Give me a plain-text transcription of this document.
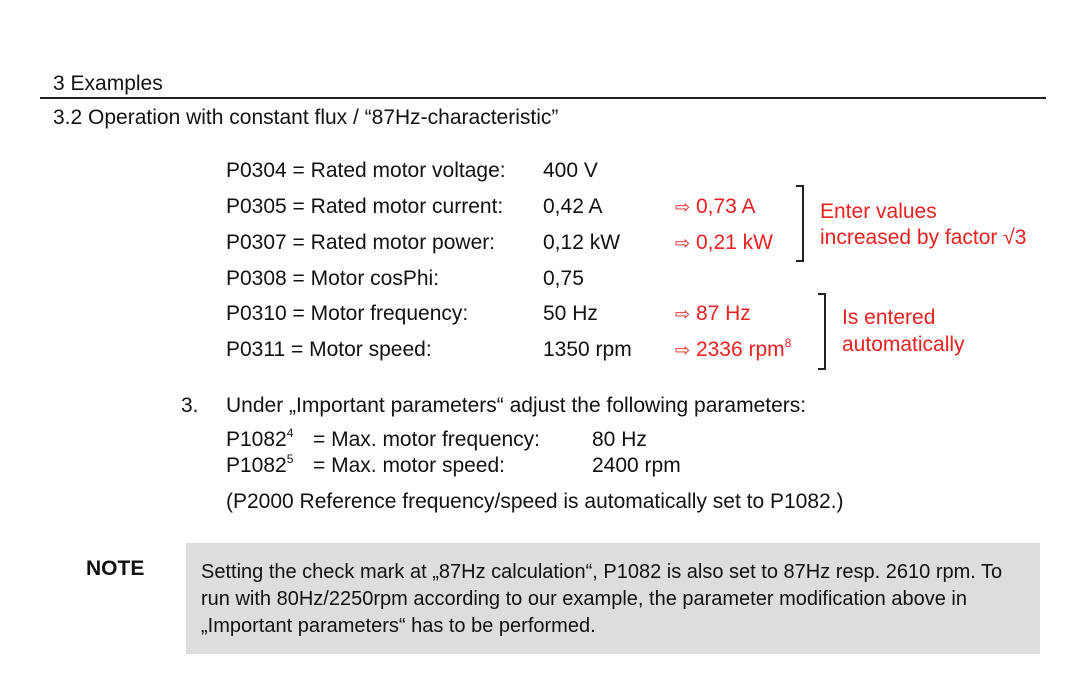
3 Examples
3.2 Operation with constant flux / “87Hz-characteristic”
P0304 = Rated motor voltage: 400 V
P0305 = Rated motor current: 0,42 A	⇨ 0,73 A
P0307 = Rated motor power: 0,12 kW	⇨ 0,21 kW
P0308 = Motor cosPhi:	0,75
P0310 = Motor frequency:	50 Hz	⇨ 87 Hz
P0311 = Motor speed:	1350 rpm ⇨ 2336 rpm$^8$
Enter values
increased by factor √3
Is entered
automatically
3. Under „Important parameters“ adjust the following parameters:
$P1082^4$ = Max. motor frequency: 80 Hz
$P1082^5$ = Max. motor speed:	2400 rpm
(P2000 Reference frequency/speed is automatically set to P1082.)
NOTE	Setting the check mark at „87Hz calculation“, P1082 is also set to 87Hz resp. 2610 rpm. To run with 80Hz/2250rpm according to our example, the parameter modification above in „Important parameters“ has to be performed.
